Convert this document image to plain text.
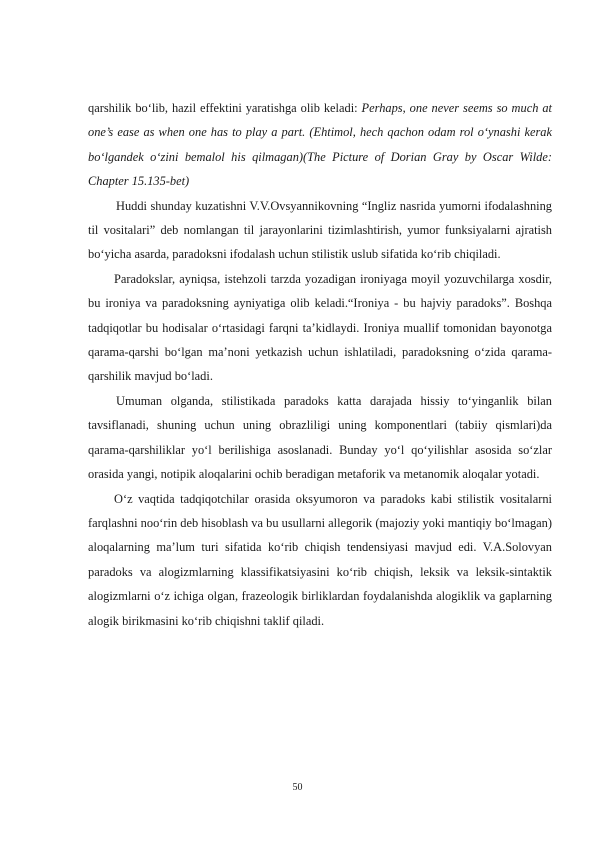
qarshilik bo‘lib, hazil effektini yaratishga olib keladi: Perhaps, one never seems so much at one’s ease as when one has to play a part. (Ehtimol, hech qachon odam rol o‘ynashi kerak bo‘lgandek o‘zini bemalol his qilmagan)(The Picture of Dorian Gray by Oscar Wilde: Chapter 15.135-bet)

Huddi shunday kuzatishni V.V.Ovsyannikovning “Ingliz nasrida yumorni ifodalashning til vositalari” deb nomlangan til jarayonlarini tizimlashtirish, yumor funksiyalarni ajratish bo‘yicha asarda, paradoksni ifodalash uchun stilistik uslub sifatida ko‘rib chiqiladi.

Paradokslar, ayniqsa, istehzoli tarzda yozadigan ironiyaga moyil yozuvchilarga xosdir, bu ironiya va paradoksning ayniyatiga olib keladi.“Ironiya - bu hajviy paradoks”. Boshqa tadqiqotlar bu hodisalar o‘rtasidagi farqni ta’kidlaydi. Ironiya muallif tomonidan bayonotga qarama-qarshi bo‘lgan ma’noni yetkazish uchun ishlatiladi, paradoksning o‘zida qarama-qarshilik mavjud bo‘ladi.

Umuman olganda, stilistikada paradoks katta darajada hissiy to‘yinganlik bilan tavsiflanadi, shuning uchun uning obrazliligi uning komponentlari (tabiiy qismlari)da qarama-qarshiliklar yo‘l berilishiga asoslanadi. Bunday yo‘l qo‘yilishlar asosida so‘zlar orasida yangi, notipik aloqalarini ochib beradigan metaforik va metanomik aloqalar yotadi.

O‘z vaqtida tadqiqotchilar orasida oksyumoron va paradoks kabi stilistik vositalarni farqlashni noo‘rin deb hisoblash va bu usullarni allegorik (majoziy yoki mantiqiy bo‘lmagan) aloqalarning ma’lum turi sifatida ko‘rib chiqish tendensiyasi mavjud edi. V.A.Solovyan paradoks va alogizmlarning klassifikatsiyasini ko‘rib chiqish, leksik va leksik-sintaktik alogizmlarni o‘z ichiga olgan, frazeologik birliklardan foydalanishda alogiklik va gaplarning alogik birikmasini ko‘rib chiqishni taklif qiladi.

50
